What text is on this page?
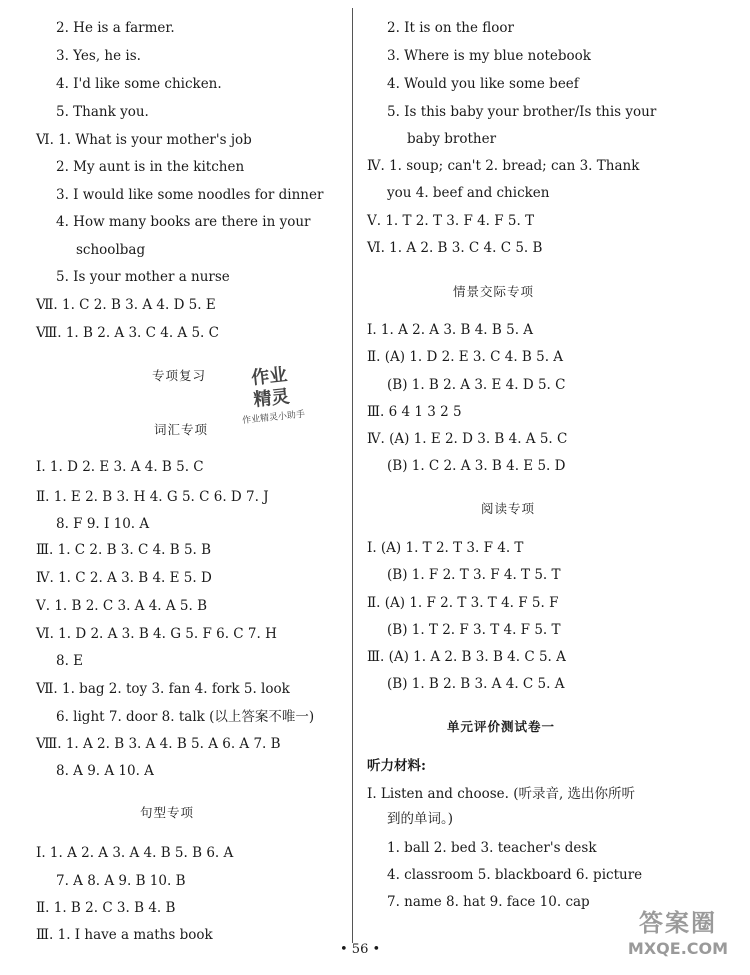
2. He is a farmer.
3. Yes, he is.
4. I'd like some chicken.
5. Thank you.
Ⅵ. 1. What is your mother's job
2. My aunt is in the kitchen
3. I would like some noodles for dinner
4. How many books are there in your
schoolbag
5. Is your mother a nurse
Ⅶ. 1. C 2. B 3. A 4. D 5. E
Ⅷ. 1. B 2. A 3. C 4. A 5. C
专项复习
词汇专项
Ⅰ. 1. D 2. E 3. A 4. B 5. C
Ⅱ. 1. E 2. B 3. H 4. G 5. C 6. D 7. J
8. F 9. I 10. A
Ⅲ. 1. C 2. B 3. C 4. B 5. B
Ⅳ. 1. C 2. A 3. B 4. E 5. D
Ⅴ. 1. B 2. C 3. A 4. A 5. B
Ⅵ. 1. D 2. A 3. B 4. G 5. F 6. C 7. H
8. E
Ⅶ. 1. bag 2. toy 3. fan 4. fork 5. look
6. light 7. door 8. talk (以上答案不唯一)
Ⅷ. 1. A 2. B 3. A 4. B 5. A 6. A 7. B
8. A 9. A 10. A
句型专项
Ⅰ. 1. A 2. A 3. A 4. B 5. B 6. A
7. A 8. A 9. B 10. B
Ⅱ. 1. B 2. C 3. B 4. B
Ⅲ. 1. I have a maths book
2. It is on the floor
3. Where is my blue notebook
4. Would you like some beef
5. Is this baby your brother/Is this your
baby brother
Ⅳ. 1. soup; can't 2. bread; can 3. Thank
you 4. beef and chicken
Ⅴ. 1. T 2. T 3. F 4. F 5. T
Ⅵ. 1. A 2. B 3. C 4. C 5. B
情景交际专项
Ⅰ. 1. A 2. A 3. B 4. B 5. A
Ⅱ. (A) 1. D 2. E 3. C 4. B 5. A
(B) 1. B 2. A 3. E 4. D 5. C
Ⅲ. 6 4 1 3 2 5
Ⅳ. (A) 1. E 2. D 3. B 4. A 5. C
(B) 1. C 2. A 3. B 4. E 5. D
阅读专项
Ⅰ. (A) 1. T 2. T 3. F 4. T
(B) 1. F 2. T 3. F 4. T 5. T
Ⅱ. (A) 1. F 2. T 3. T 4. F 5. F
(B) 1. T 2. F 3. T 4. F 5. T
Ⅲ. (A) 1. A 2. B 3. B 4. C 5. A
(B) 1. B 2. B 3. A 4. C 5. A
单元评价测试卷一
听力材料:
Ⅰ. Listen and choose. (听录音, 选出你所听
到的单词。)
1. ball 2. bed 3. teacher's desk
4. classroom 5. blackboard 6. picture
7. name 8. hat 9. face 10. cap
作业
精灵
作业精灵小助手
• 56 •
答案圈
MXQE.COM
